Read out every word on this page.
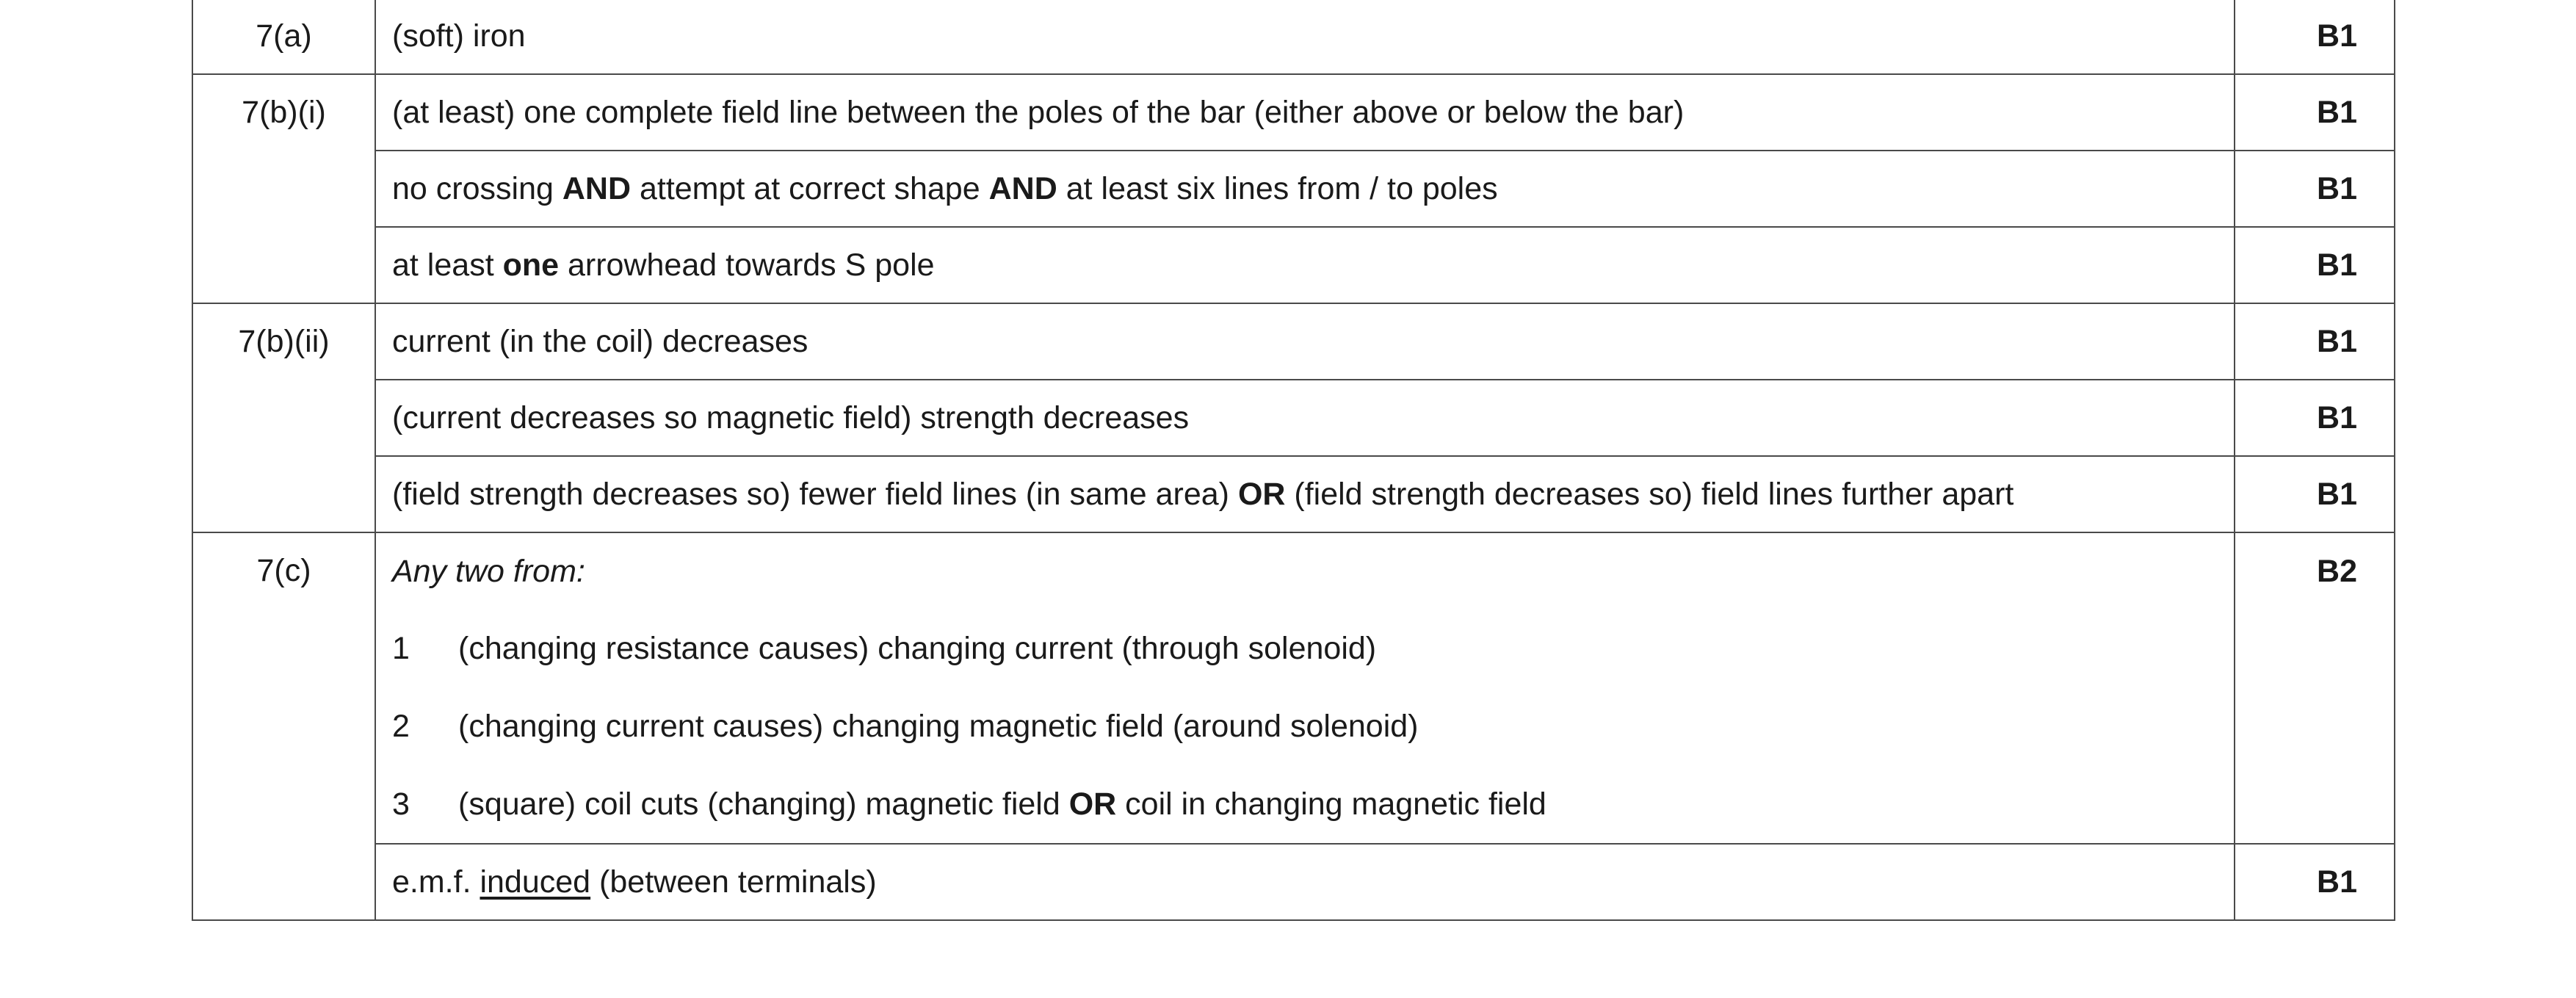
7(a)	(soft) iron	B1
7(b)(i)	(at least) one complete field line between the poles of the bar (either above or below the bar)	B1
	no crossing AND attempt at correct shape AND at least six lines from / to poles	B1
	at least one arrowhead towards S pole	B1
7(b)(ii)	current (in the coil) decreases	B1
	(current decreases so magnetic field) strength decreases	B1
	(field strength decreases so) fewer field lines (in same area) OR (field strength decreases so) field lines further apart	B1
7(c)	Any two from:
1 (changing resistance causes) changing current (through solenoid)
2 (changing current causes) changing magnetic field (around solenoid)
3 (square) coil cuts (changing) magnetic field OR coil in changing magnetic field	B2
	e.m.f. induced (between terminals)	B1
